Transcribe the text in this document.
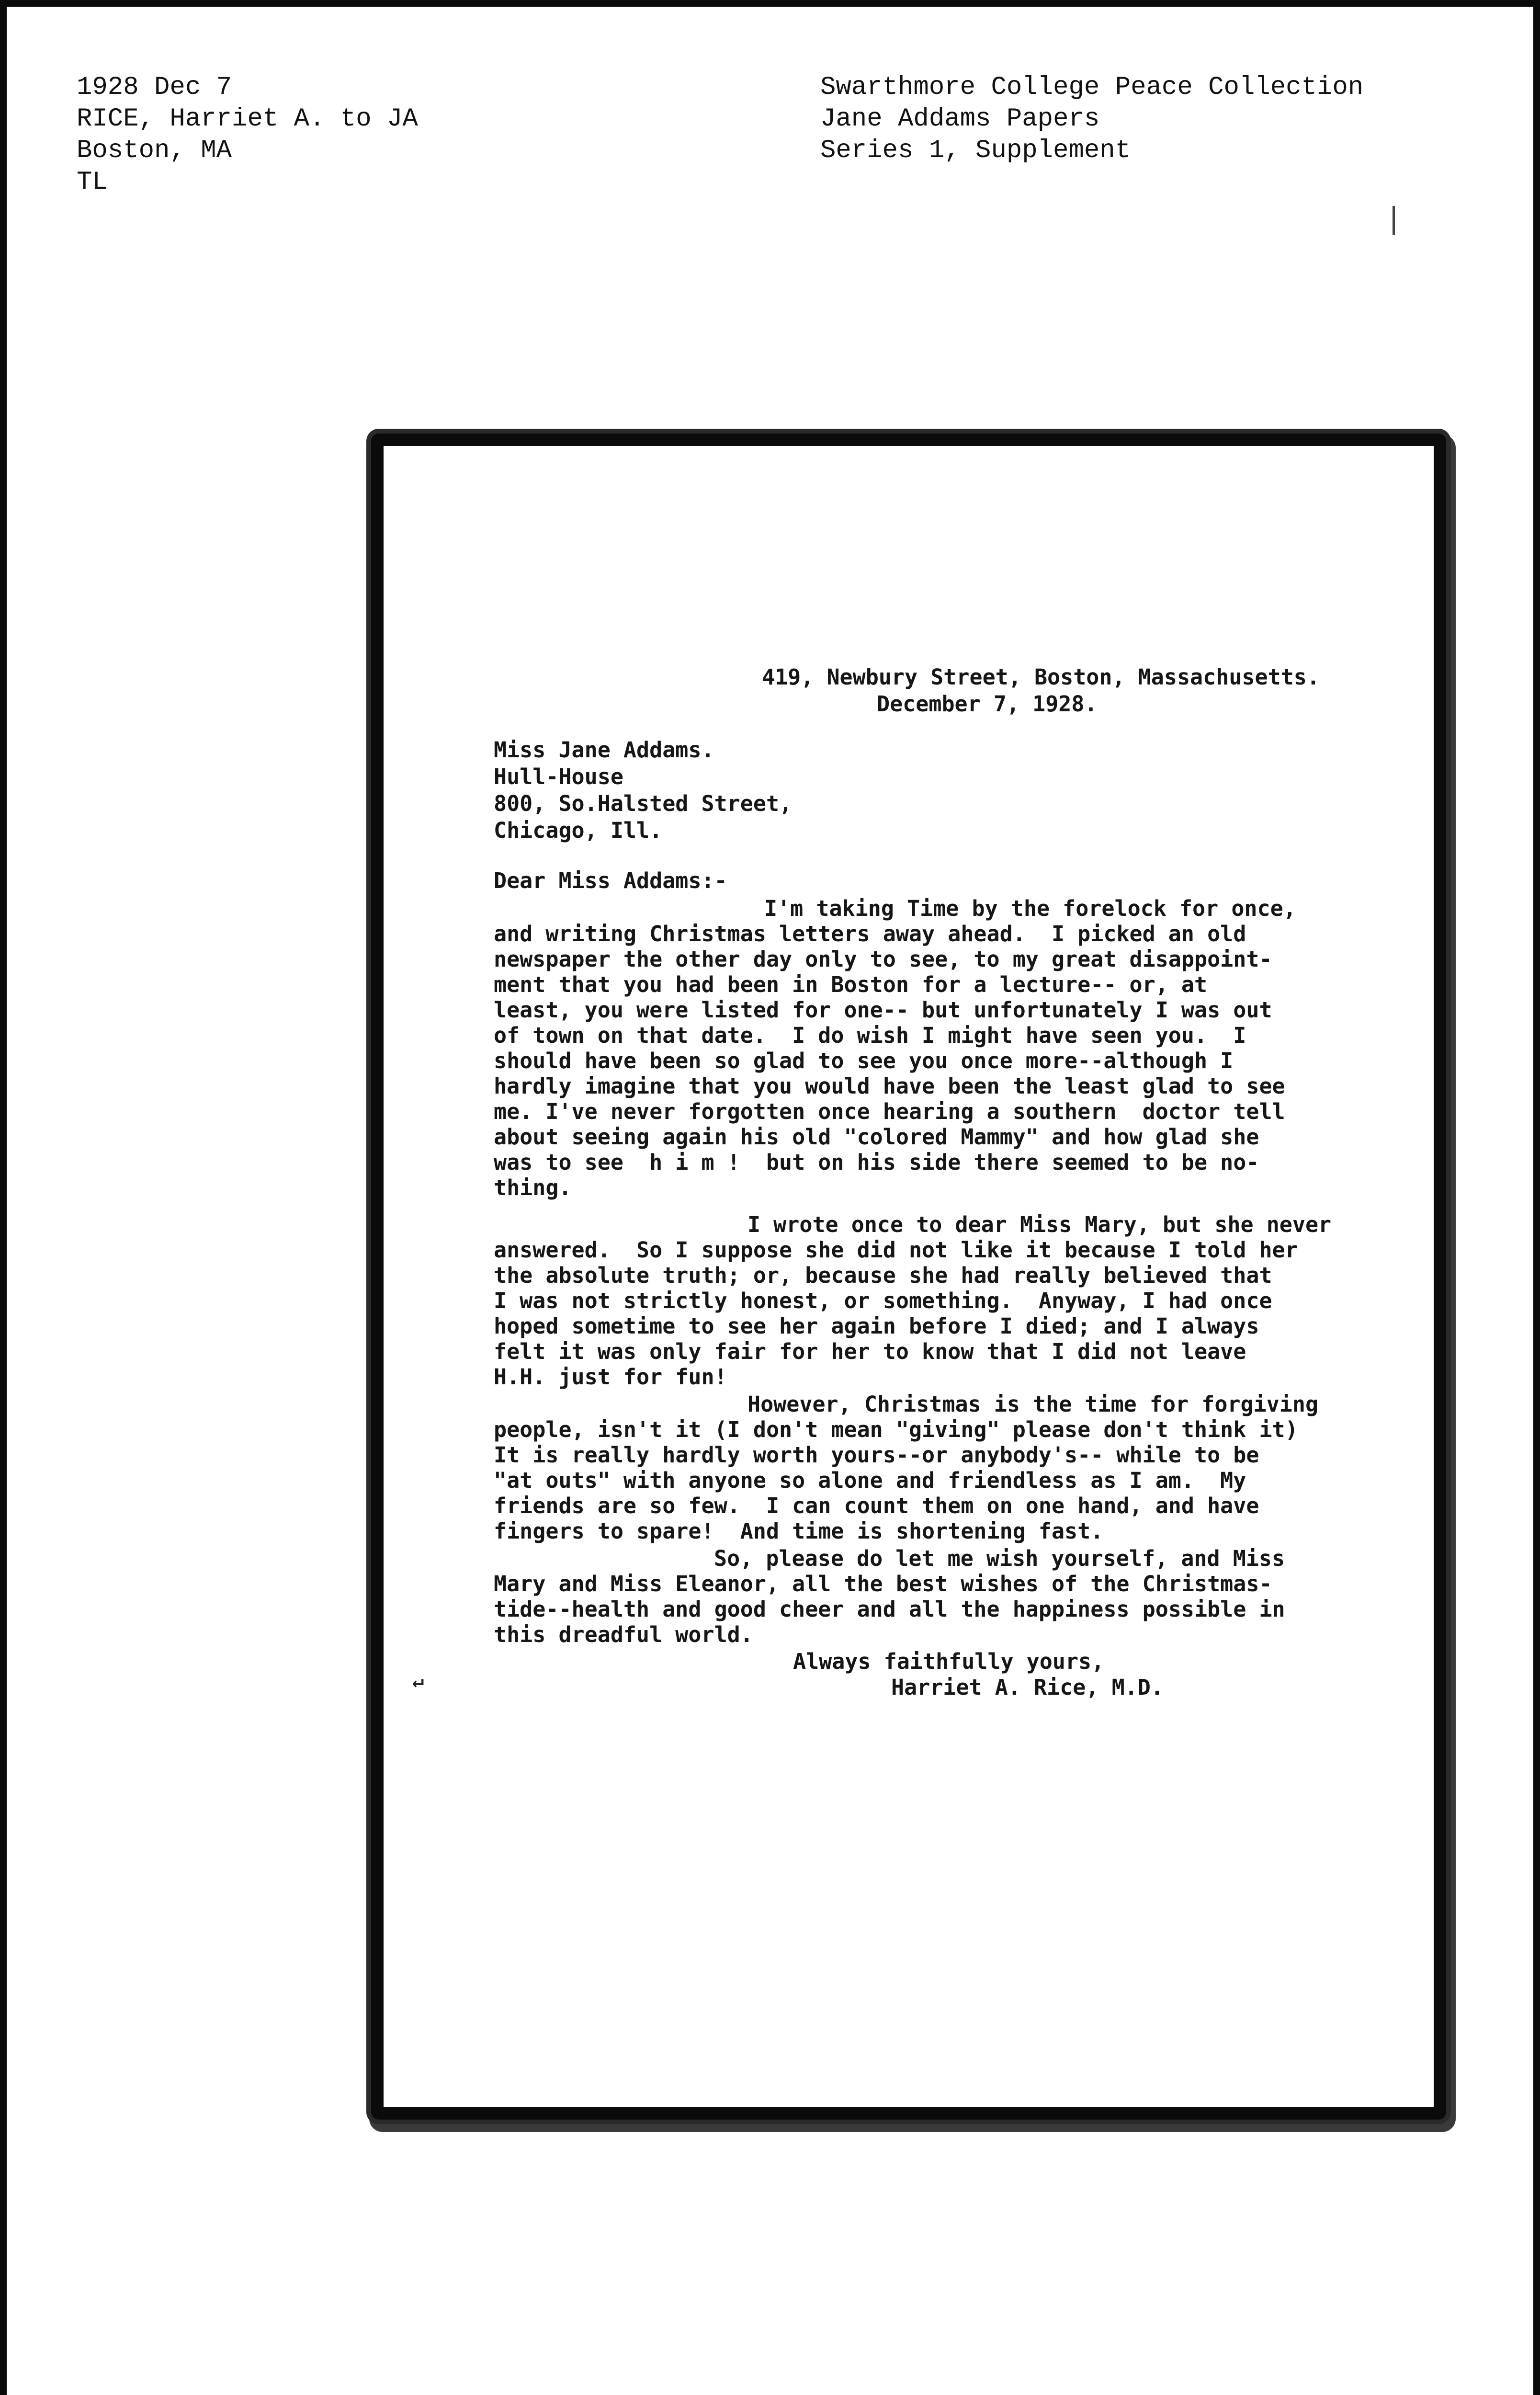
1928 Dec 7
RICE, Harriet A. to JA
Boston, MA
TL
Swarthmore College Peace Collection
Jane Addams Papers
Series 1, Supplement
419, Newbury Street, Boston, Massachusetts.
December 7, 1928.
Miss Jane Addams.
Hull-House
800, So.Halsted Street,
Chicago, Ill.
Dear Miss Addams:-
I'm taking Time by the forelock for once,
and writing Christmas letters away ahead.  I picked an old
newspaper the other day only to see, to my great disappoint-
ment that you had been in Boston for a lecture-- or, at
least, you were listed for one-- but unfortunately I was out
of town on that date.  I do wish I might have seen you.  I
should have been so glad to see you once more--although I
hardly imagine that you would have been the least glad to see
me. I've never forgotten once hearing a southern  doctor tell
about seeing again his old "colored Mammy" and how glad she
was to see  h i m !  but on his side there seemed to be no-
thing.
I wrote once to dear Miss Mary, but she never
answered.  So I suppose she did not like it because I told her
the absolute truth; or, because she had really believed that
I was not strictly honest, or something.  Anyway, I had once
hoped sometime to see her again before I died; and I always
felt it was only fair for her to know that I did not leave
H.H. just for fun!
However, Christmas is the time for forgiving
people, isn't it (I don't mean "giving" please don't think it)
It is really hardly worth yours--or anybody's-- while to be
"at outs" with anyone so alone and friendless as I am.  My
friends are so few.  I can count them on one hand, and have
fingers to spare!  And time is shortening fast.
So, please do let me wish yourself, and Miss
Mary and Miss Eleanor, all the best wishes of the Christmas-
tide--health and good cheer and all the happiness possible in
this dreadful world.
Always faithfully yours,
Harriet A. Rice, M.D.
↵
